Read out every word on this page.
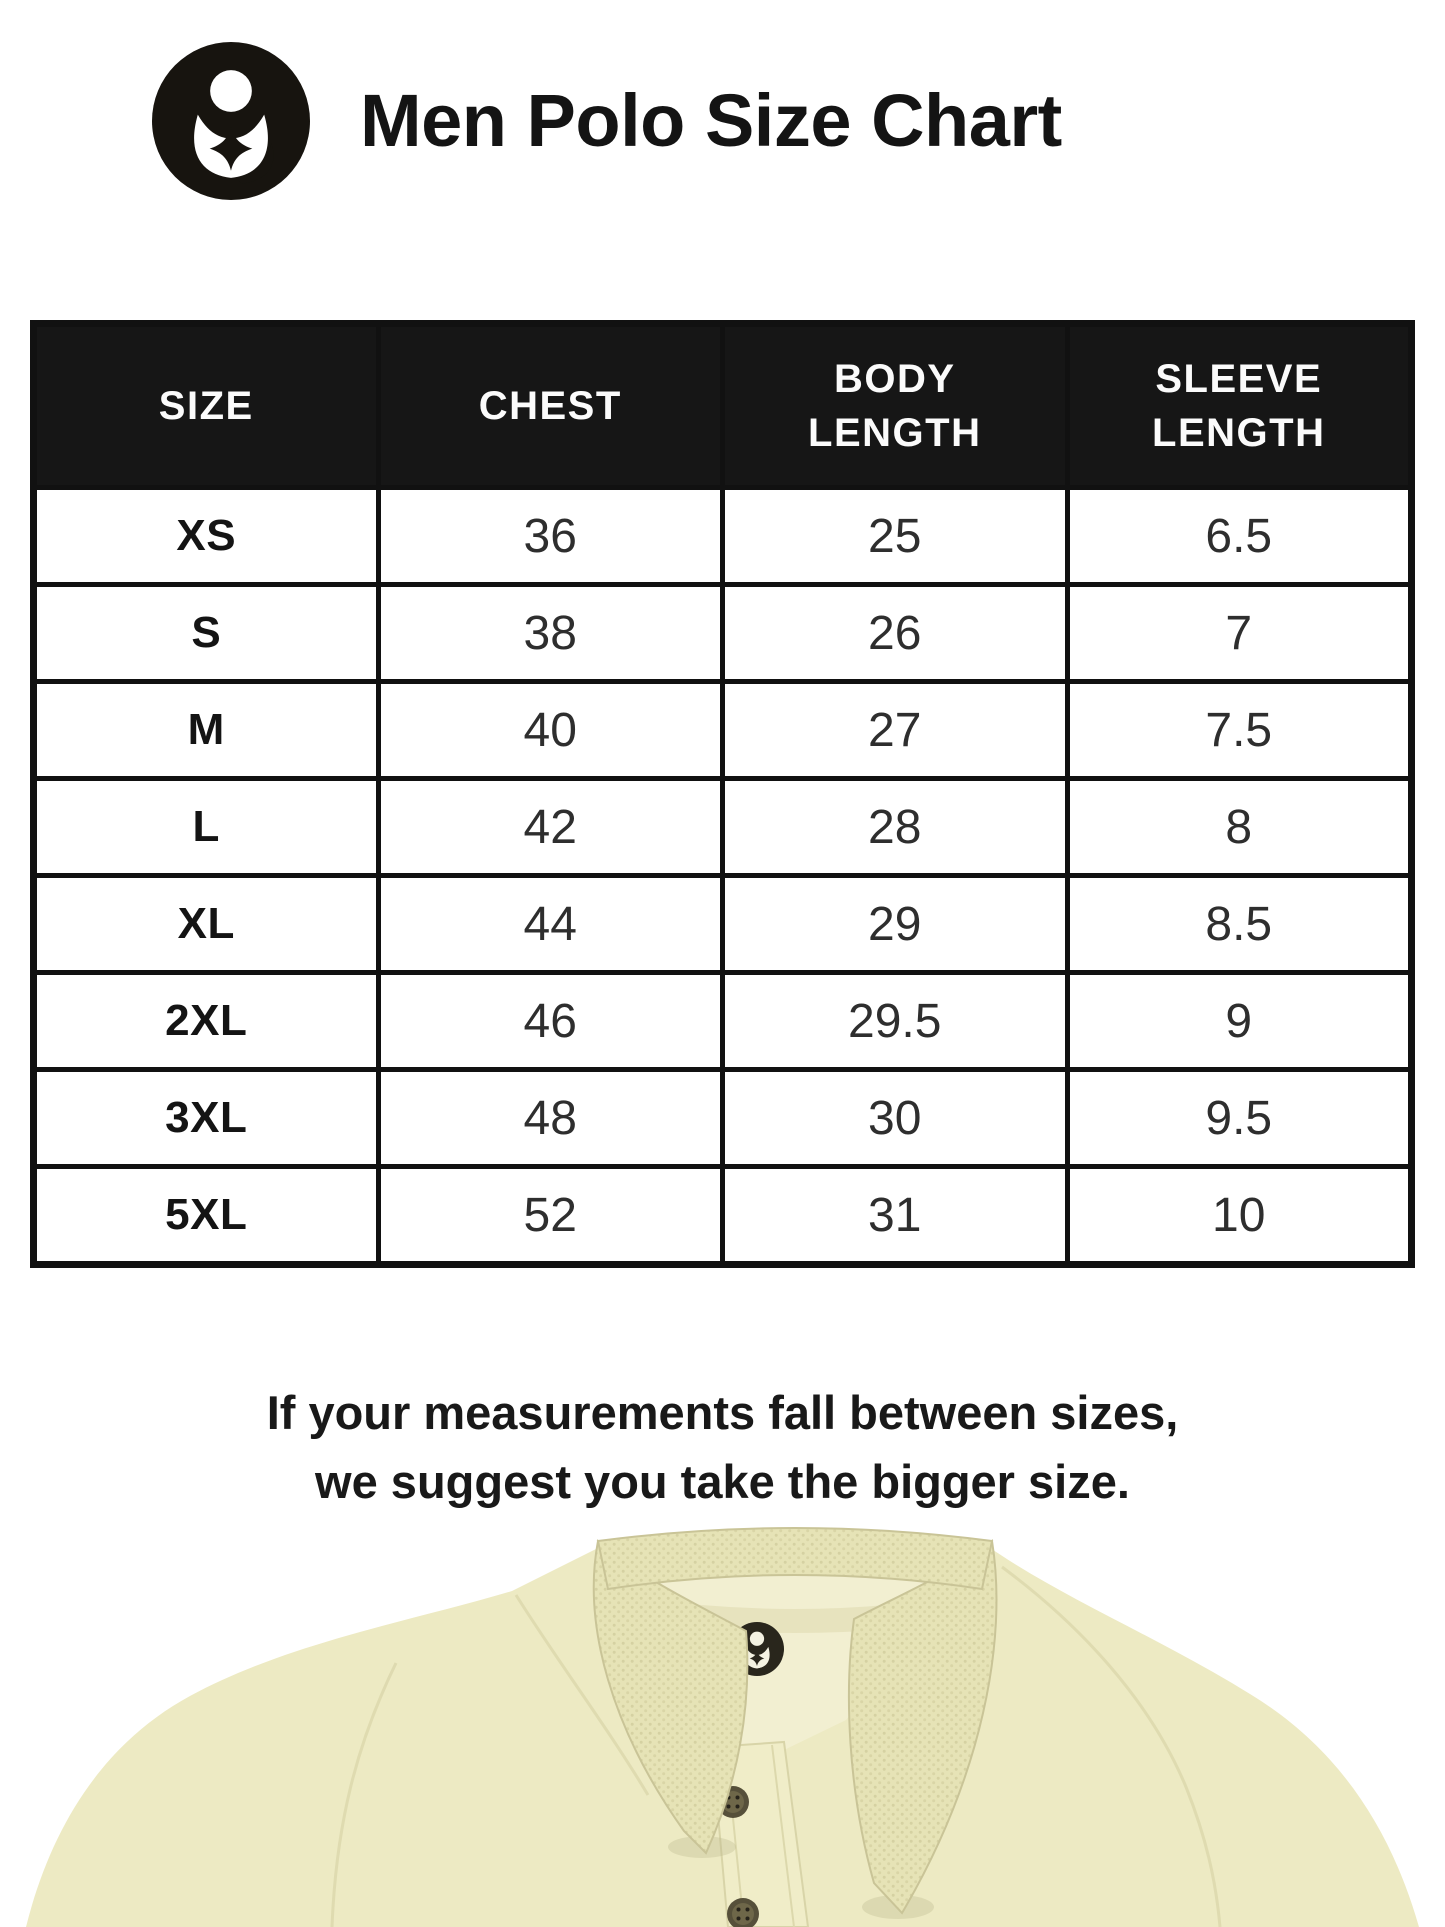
Men Polo Size Chart
SIZE	CHEST	BODY LENGTH	SLEEVE LENGTH

XS	36	25	6.5
S	38	26	7
M	40	27	7.5
L	42	28	8
XL	44	29	8.5
2XL	46	29.5	9
3XL	48	30	9.5
5XL	52	31	10

If your measurements fall between sizes,
we suggest you take the bigger size.
